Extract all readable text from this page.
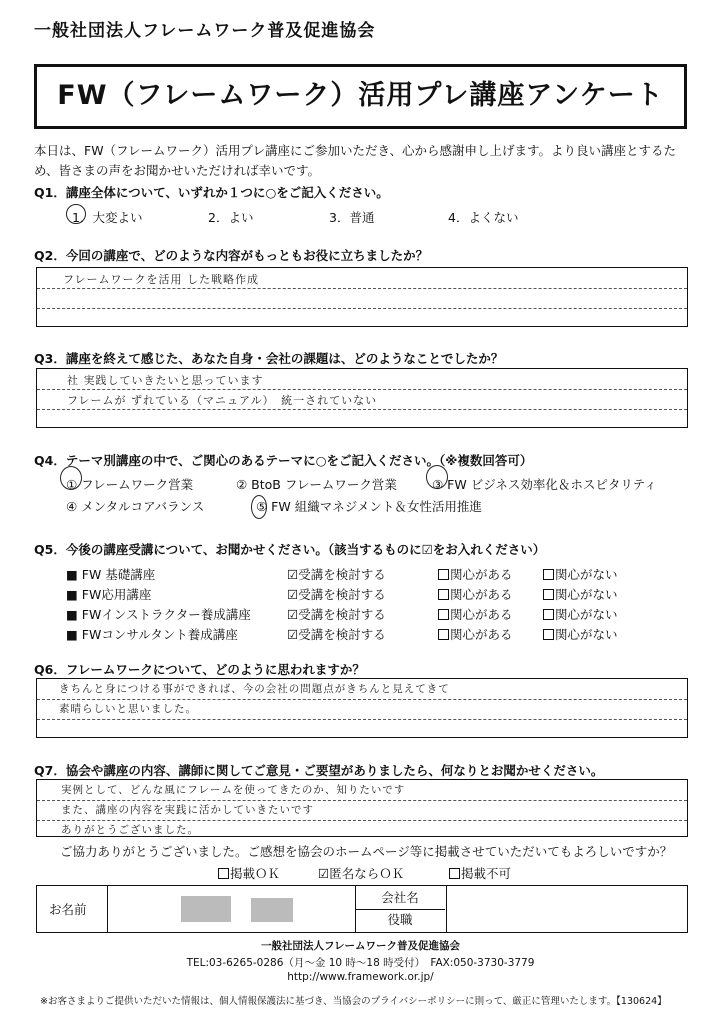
一般社団法人フレームワーク普及促進協会
FW（フレームワーク）活用プレ講座アンケート
本日は、FW（フレームワーク）活用プレ講座にご参加いただき、心から感謝申し上げます。より良い講座とするため、皆さまの声をお聞かせいただければ幸いです。
Q1．講座全体について、いずれか１つに○をご記入ください。
1．大変よい	2．よい	3．普通	4．よくない
Q2．今回の講座で、どのような内容がもっともお役に立ちましたか？
フレームワークを活用 した戦略作成
Q3．講座を終えて感じた、あなた自身・会社の課題は、どのようなことでしたか？
社 実践していきたいと思っています
フレームが ずれている（マニュアル）　統一されていない
Q4．テーマ別講座の中で、ご関心のあるテーマに○をご記入ください。（※複数回答可）
① フレームワーク営業	② BtoB フレームワーク営業	③ FW ビジネス効率化＆ホスピタリティ
④ メンタルコアバランス	⑤ FW 組織マネジメント＆女性活用推進
Q5．今後の講座受講について、お聞かせください。（該当するものに☑をお入れください）
■ FW 基礎講座	☑受講を検討する	関心がある	関心がない
■ FW応用講座	☑受講を検討する	関心がある	関心がない
■ FWインストラクター養成講座	☑受講を検討する	関心がある	関心がない
■ FWコンサルタント養成講座	☑受講を検討する	関心がある	関心がない
Q6．フレームワークについて、どのように思われますか？
きちんと身につける事ができれば、今の会社の問題点がきちんと見えてきて
素晴らしいと思いました。
Q7．協会や講座の内容、講師に関してご意見・ご要望がありましたら、何なりとお聞かせください。
実例として、どんな風にフレームを使ってきたのか、知りたいです
また、講座の内容を実践に活かしていきたいです
ありがとうございました。
ご協力ありがとうございました。ご感想を協会のホームページ等に掲載させていただいてもよろしいですか？
掲載ＯＫ	☑匿名ならＯＫ	掲載不可
お名前
会社名
役職
一般社団法人フレームワーク普及促進協会
TEL:03-6265-0286（月～金 10 時～18 時受付）　FAX:050-3730-3779
http://www.framework.or.jp/
※お客さまよりご提供いただいた情報は、個人情報保護法に基づき、当協会のプライバシーポリシーに則って、厳正に管理いたします。【130624】
